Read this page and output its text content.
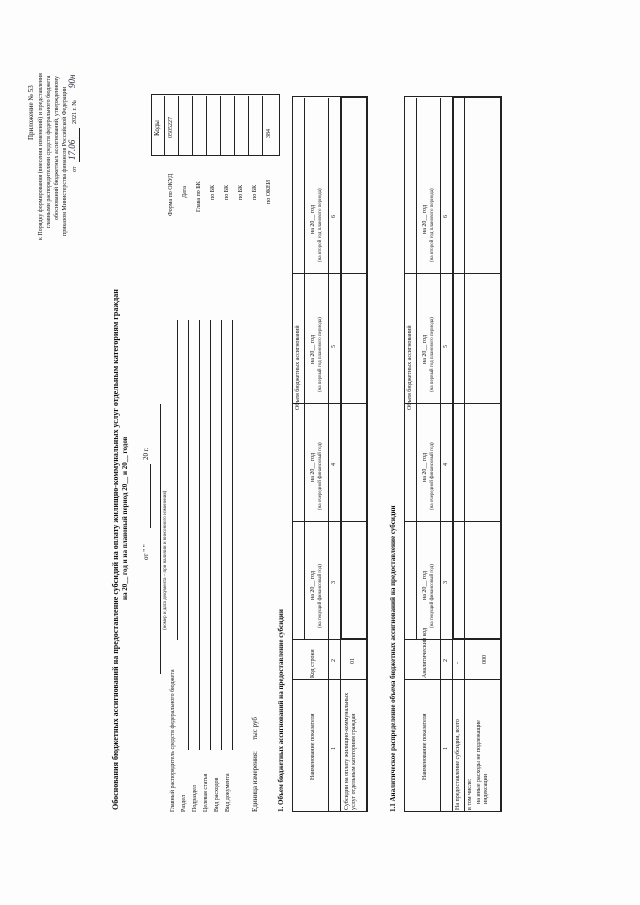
Приложение № 53 к Порядку формирования (внесения изменений) и представления главными распорядителями средств федерального бюджета обоснований бюджетных ассигнований, утвержденному приказом Министерства финансов Российской Федерации от
17.06
2021 г. №
90н
Обоснования бюджетных ассигнований на предоставление субсидий на оплату жилищно-коммунальных услуг отдельным категориям граждан на 20__ год и на плановый период 20__ и 20__ годов от " "
20 г.
(номер и дата документа – при наличии и внесенного изменения)
Коды
Единица измерения:
тыс руб	1. Объем бюджетных ассигнований на предоставление субсидии	1.1 Аналитическое распределение объема бюджетных ассигнований на предоставление субсидии
Форма по ОКУД
0505227
Дата Глава по БК по БК по БК по БК по БК по ОКЕИ
384
Главный распорядитель средств федерального бюджета Раздел Подраздел Целевая статья Вид расходов Вид документа
Наименование показателя
Код строки
Объем бюджетных ассигнований
на 20__ год (на текущий финансовый год) 3
на 20__ год (на очередной финансовый год) 4
на 20__ год (на первый год планового периода) 5
на 20__ год (на второй год планового периода) 6
1
2
Субсидии на оплату жилищно-коммунальных услуг отдельным категориям граждан
01
Наименование показателя
Аналитический код
Объем бюджетных ассигнований
на 20__ год (на текущий финансовый год) 3
на 20__ год (на очередной финансовый год) 4
на 20__ год (на первый год планового периода) 5
на 20__ год (на второй год планового периода) 6
1
2
На предоставление субсидии, всего
-
в том числе: на иные расходы не подлежащие индексации
000
